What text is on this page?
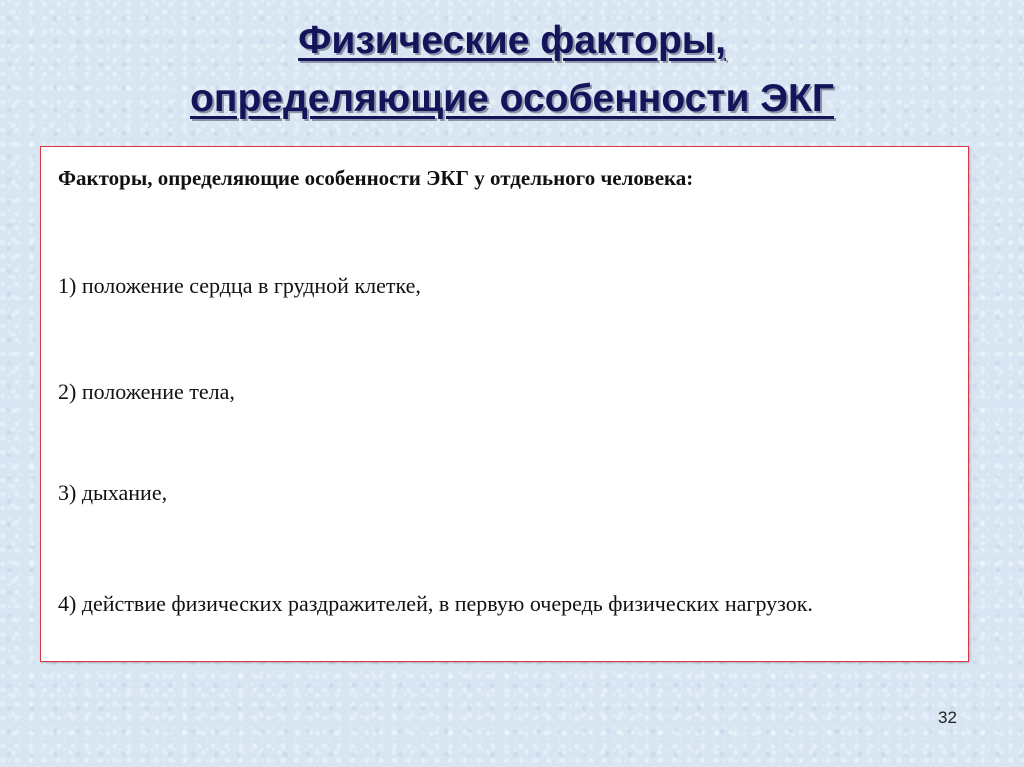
Физические факторы,
определяющие особенности ЭКГ

Факторы, определяющие особенности ЭКГ у отдельного человека:

1) положение сердца в грудной клетке,

2) положение тела,

3) дыхание,

4) действие физических раздражителей, в первую очередь физических нагрузок.

32
